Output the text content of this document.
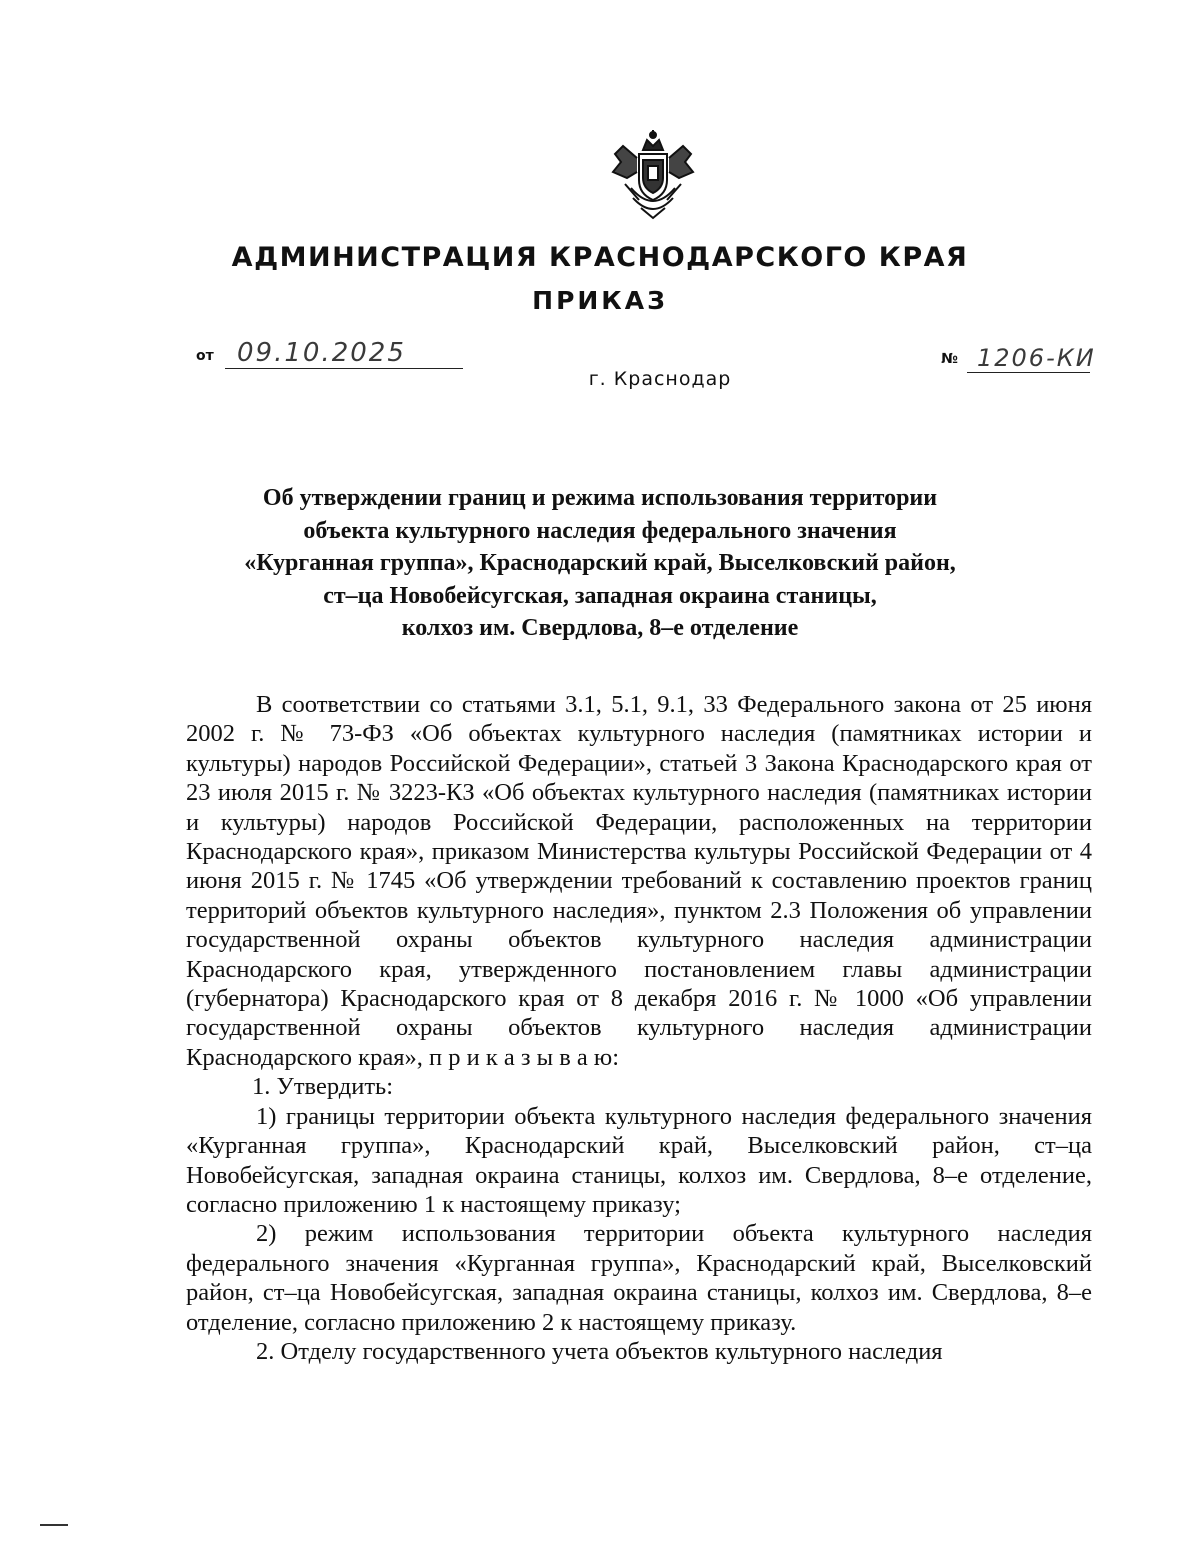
АДМИНИСТРАЦИЯ КРАСНОДАРСКОГО КРАЯ
ПРИКАЗ
от 09.10.2025	№ 1206-КИ
г. Краснодар
Об утверждении границ и режима использования территории
объекта культурного наследия федерального значения
«Курганная группа», Краснодарский край, Выселковский район,
ст–ца Новобейсугская, западная окраина станицы,
колхоз им. Свердлова, 8–е отделение

В соответствии со статьями 3.1, 5.1, 9.1, 33 Федерального закона от 25 июня 2002 г. № 73-ФЗ «Об объектах культурного наследия (памятниках истории и культуры) народов Российской Федерации», статьей 3 Закона Краснодарского края от 23 июля 2015 г. № 3223-КЗ «Об объектах культурного наследия (памятниках истории и культуры) народов Российской Федерации, расположенных на территории Краснодарского края», приказом Министерства культуры Российской Федерации от 4 июня 2015 г. № 1745 «Об утверждении требований к составлению проектов границ территорий объектов культурного наследия», пунктом 2.3 Положения об управлении государственной охраны объектов культурного наследия администрации Краснодарского края, утвержденного постановлением главы администрации (губернатора) Краснодарского края от 8 декабря 2016 г. № 1000 «Об управлении государственной охраны объектов культурного наследия администрации Краснодарского края», п р и к а з ы в а ю:

1. Утвердить:

1) границы территории объекта культурного наследия федерального значения «Курганная группа», Краснодарский край, Выселковский район, ст–ца Новобейсугская, западная окраина станицы, колхоз им. Свердлова, 8–е отделение, согласно приложению 1 к настоящему приказу;

2) режим использования территории объекта культурного наследия федерального значения «Курганная группа», Краснодарский край, Выселковский район, ст–ца Новобейсугская, западная окраина станицы, колхоз им. Свердлова, 8–е отделение, согласно приложению 2 к настоящему приказу.

2. Отделу государственного учета объектов культурного наследия
